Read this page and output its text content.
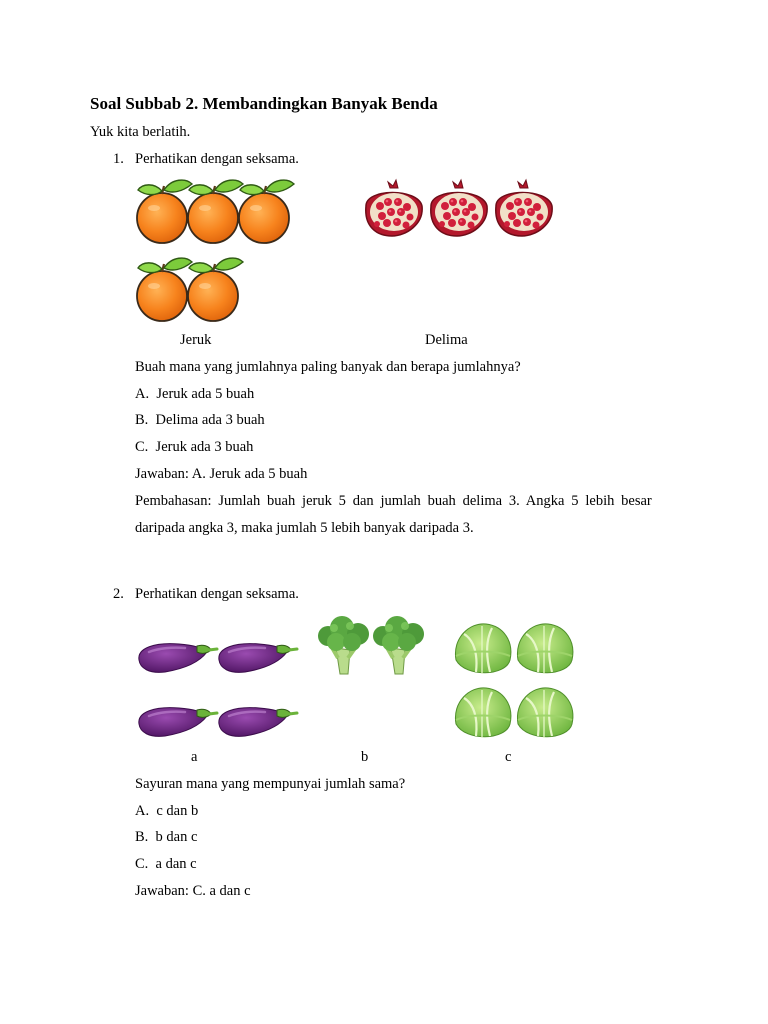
Soal Subbab 2. Membandingkan Banyak Benda
Yuk kita berlatih.
1. Perhatikan dengan seksama.
Jeruk	Delima
Buah mana yang jumlahnya paling banyak dan berapa jumlahnya?
A. Jeruk ada 5 buah
B. Delima ada 3 buah
C. Jeruk ada 3 buah
Jawaban: A. Jeruk ada 5 buah
Pembahasan: Jumlah buah jeruk 5 dan jumlah buah delima 3. Angka 5 lebih besar
daripada angka 3, maka jumlah 5 lebih banyak daripada 3.
2. Perhatikan dengan seksama.
a	b	c
Sayuran mana yang mempunyai jumlah sama?
A. c dan b
B. b dan c
C. a dan c
Jawaban: C. a dan c
